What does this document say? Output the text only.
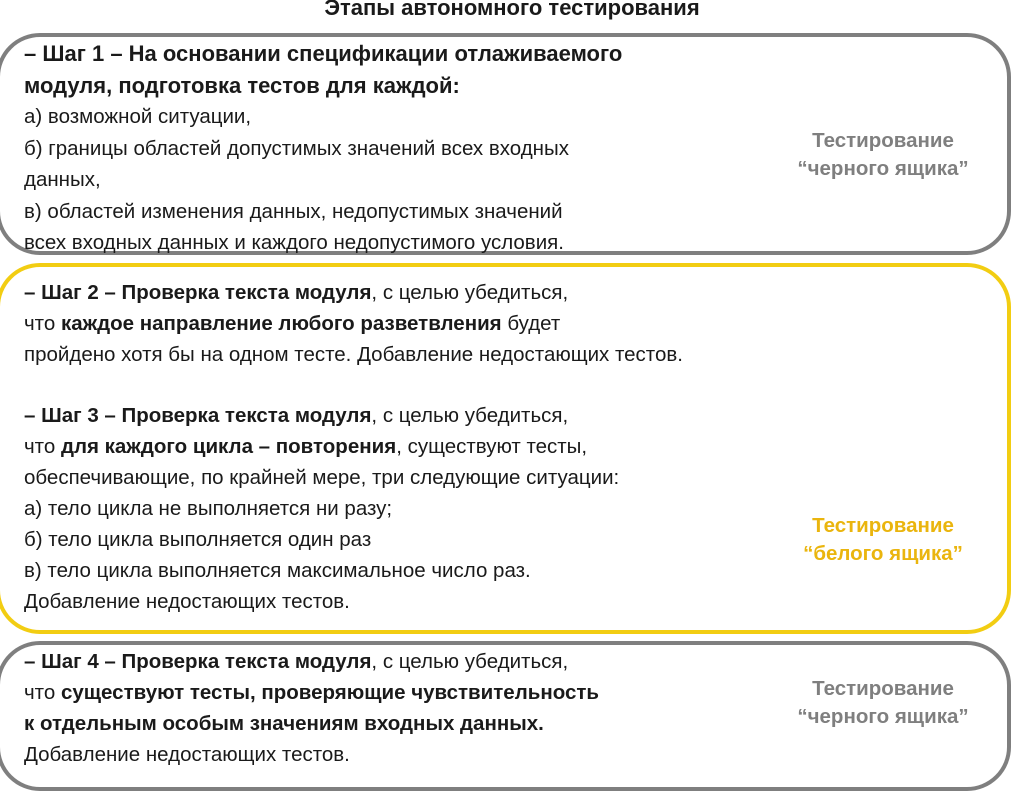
Этапы автономного тестирования
– Шаг 1 – На основании спецификации отлаживаемого
модуля, подготовка тестов для каждой:
а) возможной ситуации,
б) границы областей допустимых значений всех входных
данных,
в) областей изменения данных, недопустимых значений
всех входных данных и каждого недопустимого условия.
Тестирование
“черного ящика”
– Шаг 2 – Проверка текста модуля, с целью убедиться,
что каждое направление любого разветвления будет
пройдено хотя бы на одном тесте. Добавление недостающих тестов.
– Шаг 3 – Проверка текста модуля, с целью убедиться,
что для каждого цикла – повторения, существуют тесты,
обеспечивающие, по крайней мере, три следующие ситуации:
а) тело цикла не выполняется ни разу;
б) тело цикла выполняется один раз
в) тело цикла выполняется максимальное число раз.
Добавление недостающих тестов.
Тестирование
“белого ящика”
– Шаг 4 – Проверка текста модуля, с целью убедиться,
что существуют тесты, проверяющие чувствительность
к отдельным особым значениям входных данных.
Добавление недостающих тестов.
Тестирование
“черного ящика”
